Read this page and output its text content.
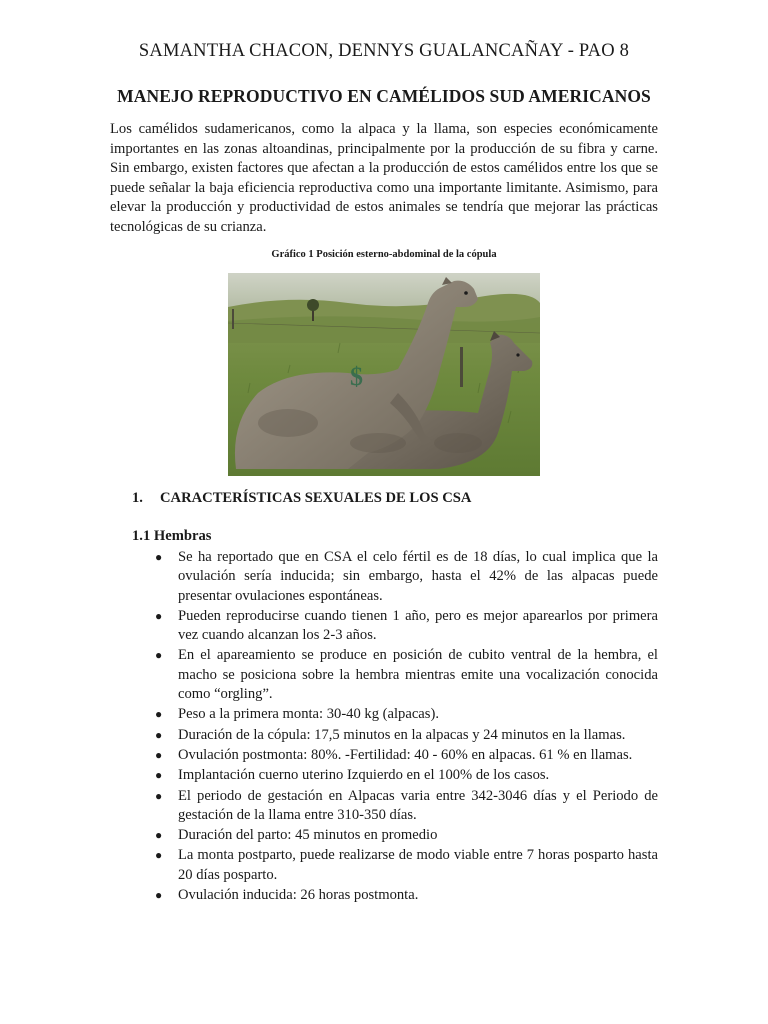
SAMANTHA CHACON, DENNYS GUALANCAÑAY - PAO 8
MANEJO REPRODUCTIVO EN CAMÉLIDOS SUD AMERICANOS

Los camélidos sudamericanos, como la alpaca y la llama, son especies económicamente importantes en las zonas altoandinas, principalmente por la producción de su fibra y carne. Sin embargo, existen factores que afectan a la producción de estos camélidos entre los que se puede señalar la baja eficiencia reproductiva como una importante limitante. Asimismo, para elevar la producción y productividad de estos animales se tendría que mejorar las prácticas tecnológicas de su crianza.

Gráfico 1 Posición esterno-abdominal de la cópula
$
1. CARACTERÍSTICAS SEXUALES DE LOS CSA
1.1 Hembras
● Se ha reportado que en CSA el celo fértil es de 18 días, lo cual implica que la ovulación sería inducida; sin embargo, hasta el 42% de las alpacas puede presentar ovulaciones espontáneas.
● Pueden reproducirse cuando tienen 1 año, pero es mejor aparearlos por primera vez cuando alcanzan los 2-3 años.
● En el apareamiento se produce en posición de cubito ventral de la hembra, el macho se posiciona sobre la hembra mientras emite una vocalización conocida como “orgling”.
● Peso a la primera monta: 30-40 kg (alpacas).
● Duración de la cópula: 17,5 minutos en la alpacas y 24 minutos en la llamas.
● Ovulación postmonta: 80%. -Fertilidad: 40 - 60% en alpacas. 61 % en llamas.
● Implantación cuerno uterino Izquierdo en el 100% de los casos.
● El periodo de gestación en Alpacas varia entre 342-3046 días y el Periodo de gestación de la llama entre 310-350 días.
● Duración del parto: 45 minutos en promedio
● La monta postparto, puede realizarse de modo viable entre 7 horas posparto hasta 20 días posparto.
● Ovulación inducida: 26 horas postmonta.
